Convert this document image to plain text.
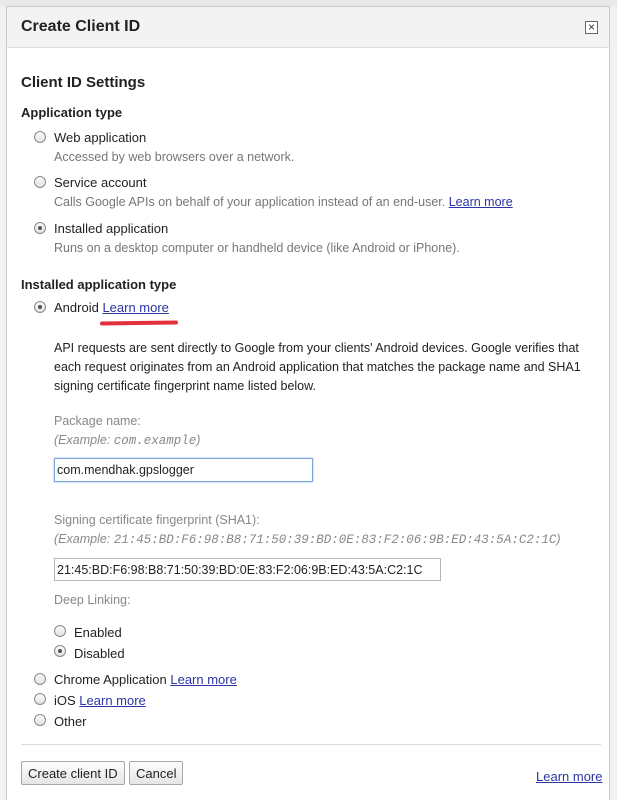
Create Client ID	×
Client ID Settings
Application type
Web application
Accessed by web browsers over a network.
Service account
Calls Google APIs on behalf of your application instead of an end-user. Learn more
Installed application
Runs on a desktop computer or handheld device (like Android or iPhone).
Installed application type
Android Learn more
API requests are sent directly to Google from your clients' Android devices. Google verifies that each request originates from an Android application that matches the package name and SHA1 signing certificate fingerprint name listed below.
Package name:
(Example: com.example)
com.mendhak.gpslogger
Signing certificate fingerprint (SHA1):
(Example: 21:45:BD:F6:98:B8:71:50:39:BD:0E:83:F2:06:9B:ED:43:5A:C2:1C)
21:45:BD:F6:98:B8:71:50:39:BD:0E:83:F2:06:9B:ED:43:5A:C2:1C
Deep Linking:
Enabled
Disabled
Chrome Application Learn more
iOS Learn more
Other
Create client ID	Cancel	Learn more
